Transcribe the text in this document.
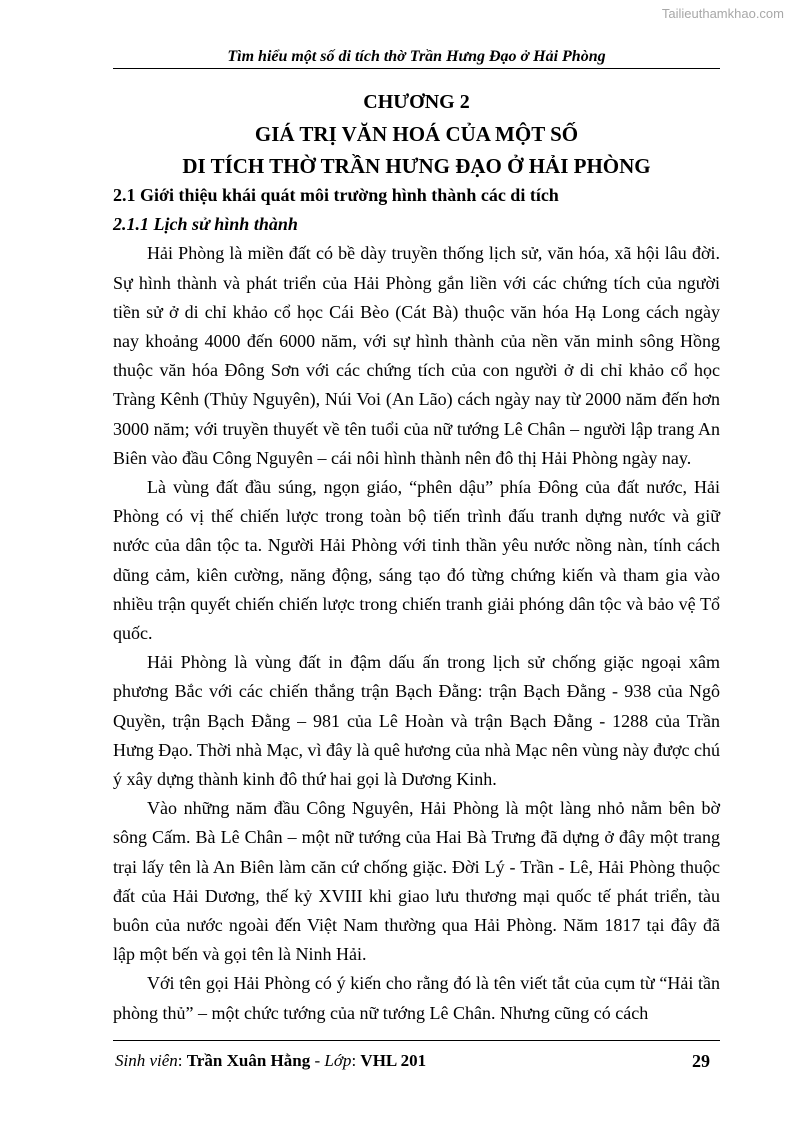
Tailieuthamkhao.com
Tìm hiểu một số di tích thờ Trần Hưng Đạo ở Hải Phòng
CHƯƠNG 2
GIÁ TRỊ VĂN HOÁ CỦA MỘT SỐ
DI TÍCH THỜ TRẦN HƯNG ĐẠO Ở HẢI PHÒNG
2.1 Giới thiệu khái quát môi trường hình thành các di tích
2.1.1 Lịch sử hình thành

Hải Phòng là miền đất có bề dày truyền thống lịch sử, văn hóa, xã hội lâu đời. Sự hình thành và phát triển của Hải Phòng gắn liền với các chứng tích của người tiền sử ở di chỉ khảo cổ học Cái Bèo (Cát Bà) thuộc văn hóa Hạ Long cách ngày nay khoảng 4000 đến 6000 năm, với sự hình thành của nền văn minh sông Hồng thuộc văn hóa Đông Sơn với các chứng tích của con người ở di chỉ khảo cổ học Tràng Kênh (Thủy Nguyên), Núi Voi (An Lão) cách ngày nay từ 2000 năm đến hơn 3000 năm; với truyền thuyết về tên tuổi của nữ tướng Lê Chân – người lập trang An Biên vào đầu Công Nguyên – cái nôi hình thành nên đô thị Hải Phòng ngày nay.

Là vùng đất đầu súng, ngọn giáo, “phên dậu” phía Đông của đất nước, Hải Phòng có vị thế chiến lược trong toàn bộ tiến trình đấu tranh dựng nước và giữ nước của dân tộc ta. Người Hải Phòng với tinh thần yêu nước nồng nàn, tính cách dũng cảm, kiên cường, năng động, sáng tạo đó từng chứng kiến và tham gia vào nhiều trận quyết chiến chiến lược trong chiến tranh giải phóng dân tộc và bảo vệ Tổ quốc.

Hải Phòng là vùng đất in đậm dấu ấn trong lịch sử chống giặc ngoại xâm phương Bắc với các chiến thắng trận Bạch Đằng: trận Bạch Đằng - 938 của Ngô Quyền, trận Bạch Đằng – 981 của Lê Hoàn và trận Bạch Đằng - 1288 của Trần Hưng Đạo. Thời nhà Mạc, vì đây là quê hương của nhà Mạc nên vùng này được chú ý xây dựng thành kinh đô thứ hai gọi là Dương Kinh.

Vào những năm đầu Công Nguyên, Hải Phòng là một làng nhỏ nằm bên bờ sông Cấm. Bà Lê Chân – một nữ tướng của Hai Bà Trưng đã dựng ở đây một trang trại lấy tên là An Biên làm căn cứ chống giặc. Đời Lý - Trần - Lê, Hải Phòng thuộc đất của Hải Dương, thế kỷ XVIII khi giao lưu thương mại quốc tế phát triển, tàu buôn của nước ngoài đến Việt Nam thường qua Hải Phòng. Năm 1817 tại đây đã lập một bến và gọi tên là Ninh Hải.

Với tên gọi Hải Phòng có ý kiến cho rằng đó là tên viết tắt của cụm từ “Hải tần phòng thủ” – một chức tướng của nữ tướng Lê Chân. Nhưng cũng có cách

Sinh viên: Trần Xuân Hằng - Lớp: VHL 201	29
